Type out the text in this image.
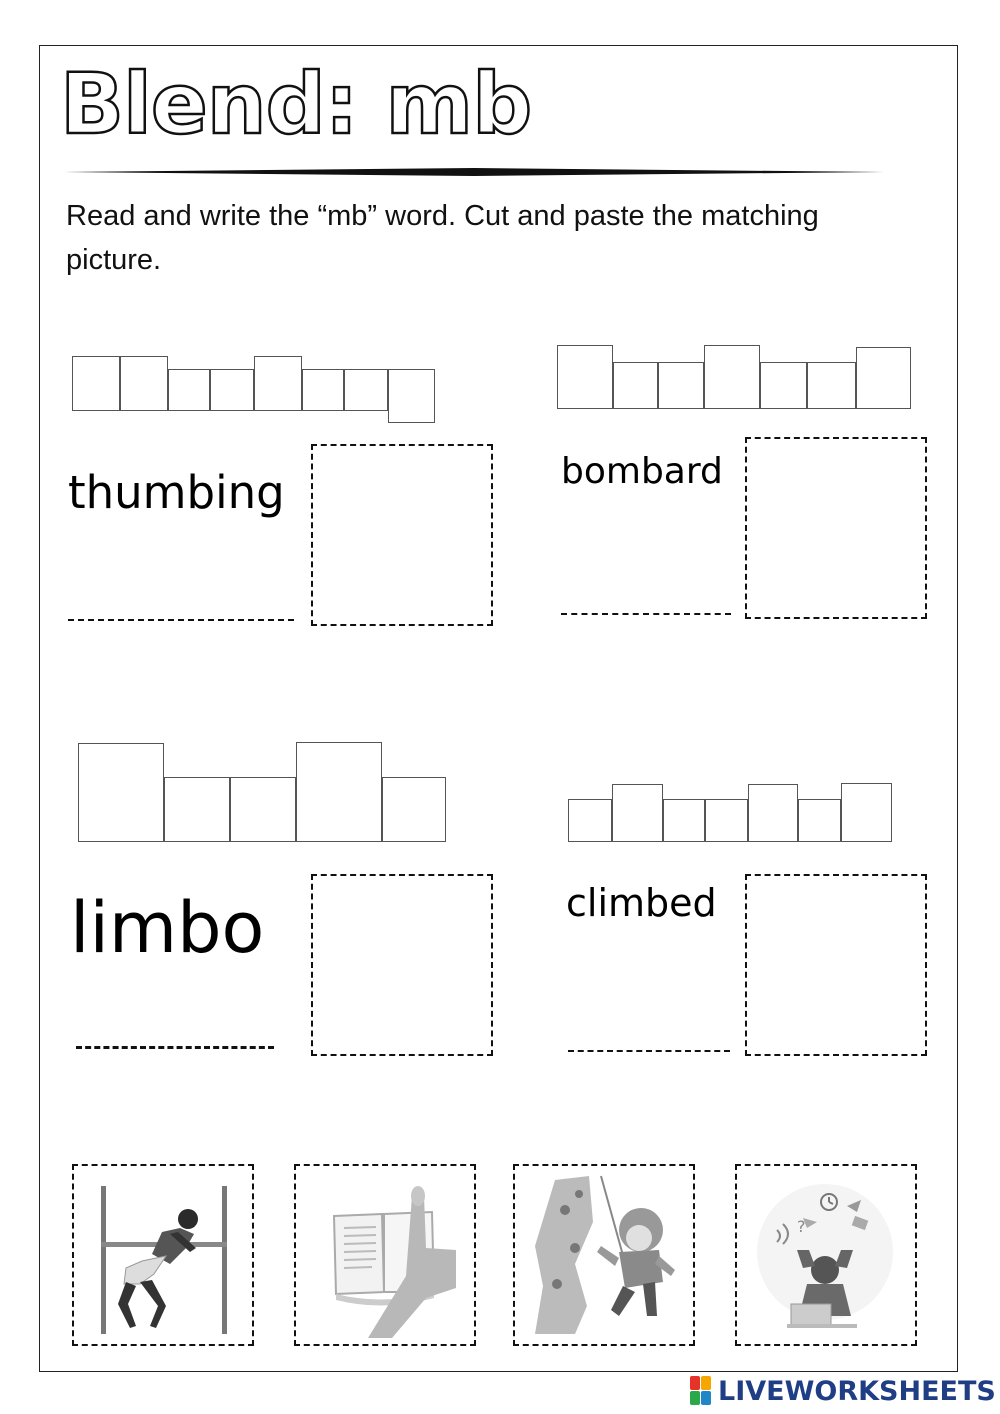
Blend: mb
Read and write the “mb” word. Cut and paste the matching picture.
thumbing	bombard
limbo	climbed
?
LIVEWORKSHEETS
